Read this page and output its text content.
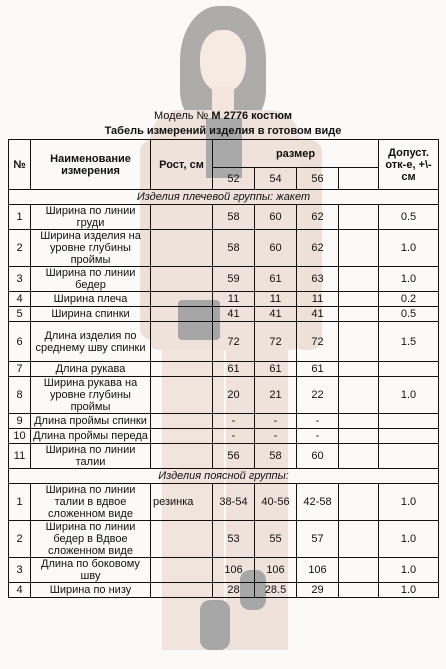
Модель № М 2776 костюм
Табель измерений изделия в готовом виде
№	Наименование измерения	Рост, см	размер				Допуст. отк-е, +\-см
			52	54	56		
Изделия плечевой группы: жакет							
1	Ширина по линии груди		58	60	62		0.5
2	Ширина изделия на уровне глубины проймы		58	60	62		1.0
3	Ширина по линии бедер		59	61	63		1.0
4	Ширина плеча		11	11	11		0.2
5	Ширина спинки		41	41	41		0.5
6	Длина изделия по среднему шву спинки		72	72	72		1.5
7	Длина рукава		61	61	61		
8	Ширина рукава на уровне глубины проймы		20	21	22		1.0
9	Длина проймы спинки		-	-	-		
10	Длина проймы переда		-	-	-		
11	Ширина по линии талии		56	58	60		
Изделия поясной группы:							
1	Ширина по линии талии в вдвое сложенном виде	резинка	38-54	40-56	42-58		1.0
2	Ширина по линии бедер в Вдвое сложенном виде		53	55	57		1.0
3	Длина по боковому шву		106	106	106		1.0
4	Ширина по низу		28	28.5	29		1.0
